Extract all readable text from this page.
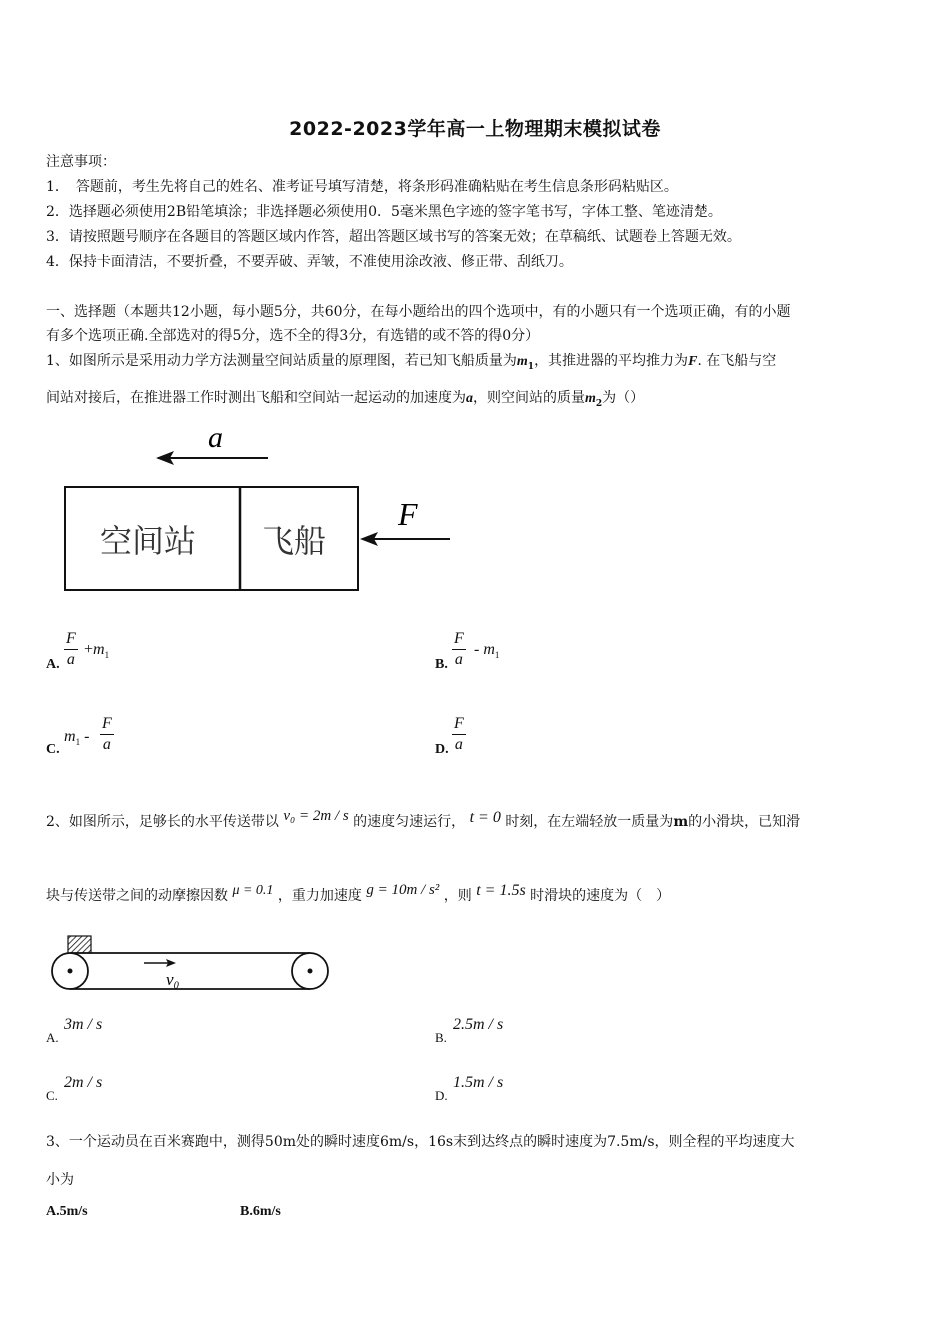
2022-2023学年高一上物理期末模拟试卷
注意事项：
1．　答题前，考生先将自己的姓名、准考证号填写清楚，将条形码准确粘贴在考生信息条形码粘贴区。
2．选择题必须使用2B铅笔填涂；非选择题必须使用0．5毫米黑色字迹的签字笔书写，字体工整、笔迹清楚。
3．请按照题号顺序在各题目的答题区域内作答，超出答题区域书写的答案无效；在草稿纸、试题卷上答题无效。
4．保持卡面清洁，不要折叠，不要弄破、弄皱，不准使用涂改液、修正带、刮纸刀。
一、选择题（本题共12小题，每小题5分，共60分，在每小题给出的四个选项中，有的小题只有一个选项正确，有的小题
有多个选项正确.全部选对的得5分，选不全的得3分，有选错的或不答的得0分）
1、如图所示是采用动力学方法测量空间站质量的原理图，若已知飞船质量为$m_1$，其推进器的平均推力为F. 在飞船与空
间站对接后，在推进器工作时测出飞船和空间站一起运动的加速度为a，则空间站的质量$m_2$为（）
a
空间站 飞船
F
A. $\frac{F}{a} +m_1$
B. $\frac{F}{a} - m_1$
C.
$m_1 - \frac{F}{a}$	D. $\frac{F}{a}$
2、如图所示，足够长的水平传送带以 v₀ = 2m / s 的速度匀速运行， t = 0 时刻，在左端轻放一质量为m的小滑块，已知滑
块与传送带之间的动摩擦因数 μ = 0.1 ，重力加速度 g = 10m / s² ，则 t = 1.5s 时滑块的速度为（　）
v₀
A.
3m / s
B.
2.5m / s
C.
2m / s
D.
1.5m / s
3、一个运动员在百米赛跑中，测得50m处的瞬时速度6m/s，16s末到达终点的瞬时速度为7.5m/s，则全程的平均速度大
小为
A.5m/s	B.6m/s
